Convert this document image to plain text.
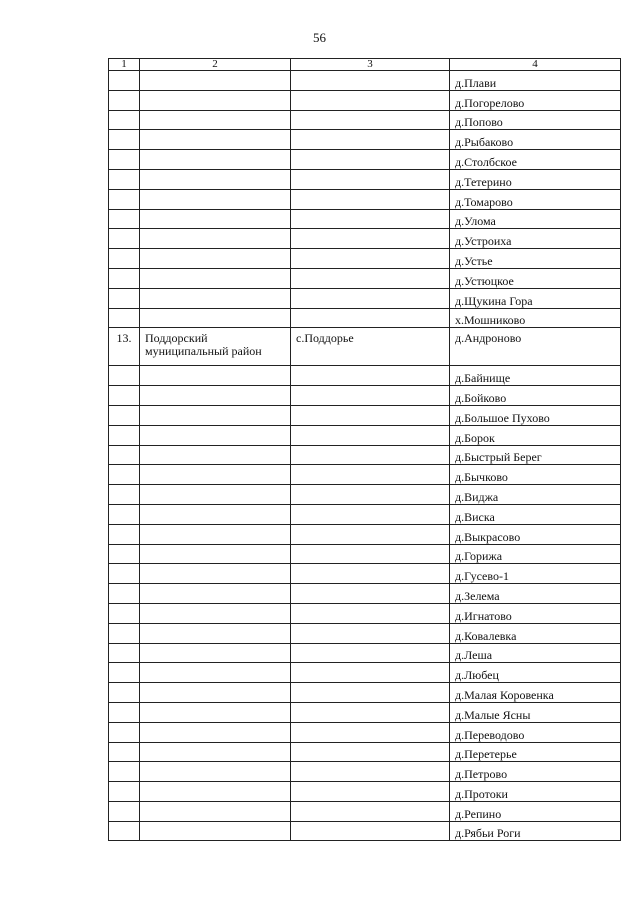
56
1	2	3	4
			д.Плави
			д.Погорелово
			д.Попово
			д.Рыбаково
			д.Столбское
			д.Тетерино
			д.Томарово
			д.Улома
			д.Устроиха
			д.Устье
			д.Устюцкое
			д.Щукина Гора
			х.Мошниково
13.	Поддорский муниципальный район	с.Поддорье	д.Андроново
			д.Байнище
			д.Бойково
			д.Большое Пухово
			д.Борок
			д.Быстрый Берег
			д.Бычково
			д.Виджа
			д.Виска
			д.Выкрасово
			д.Горижа
			д.Гусево-1
			д.Зелема
			д.Игнатово
			д.Ковалевка
			д.Леша
			д.Любец
			д.Малая Коровенка
			д.Малые Ясны
			д.Переводово
			д.Перетерье
			д.Петрово
			д.Протоки
			д.Репино
			д.Рябьи Роги
